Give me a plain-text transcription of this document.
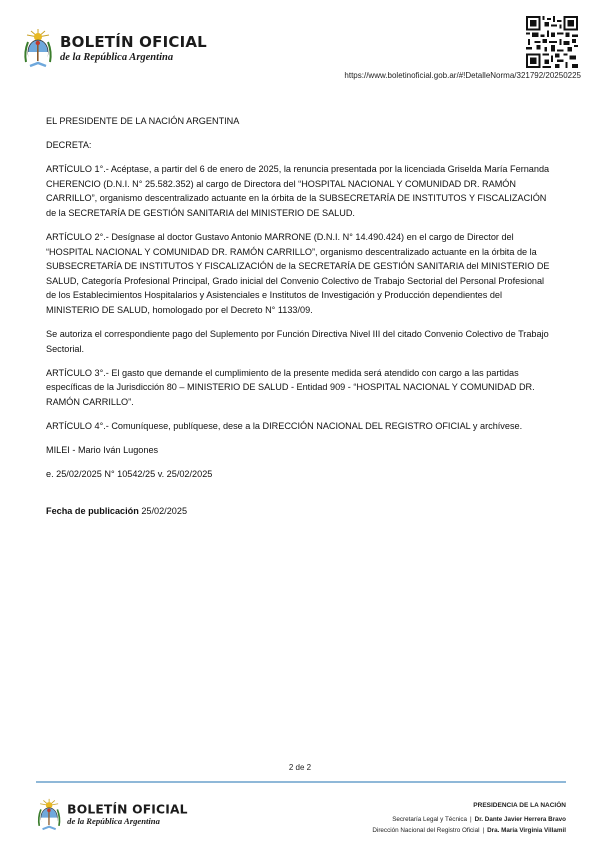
BOLETÍN OFICIAL
de la República Argentina
https://www.boletinoficial.gob.ar/#!DetalleNorma/321792/20250225

EL PRESIDENTE DE LA NACIÓN ARGENTINA

DECRETA:

ARTÍCULO 1°.- Acéptase, a partir del 6 de enero de 2025, la renuncia presentada por la licenciada Griselda María Fernanda CHERENCIO (D.N.I. N° 25.582.352) al cargo de Directora del “HOSPITAL NACIONAL Y COMUNIDAD DR. RAMÓN CARRILLO”, organismo descentralizado actuante en la órbita de la SUBSECRETARÍA DE INSTITUTOS Y FISCALIZACIÓN de la SECRETARÍA DE GESTIÓN SANITARIA del MINISTERIO DE SALUD.

ARTÍCULO 2°.- Desígnase al doctor Gustavo Antonio MARRONE (D.N.I. N° 14.490.424) en el cargo de Director del “HOSPITAL NACIONAL Y COMUNIDAD DR. RAMÓN CARRILLO”, organismo descentralizado actuante en la órbita de la SUBSECRETARÍA DE INSTITUTOS Y FISCALIZACIÓN de la SECRETARÍA DE GESTIÓN SANITARIA del MINISTERIO DE SALUD, Categoría Profesional Principal, Grado inicial del Convenio Colectivo de Trabajo Sectorial del Personal Profesional de los Establecimientos Hospitalarios y Asistenciales e Institutos de Investigación y Producción dependientes del MINISTERIO DE SALUD, homologado por el Decreto N° 1133/09.

Se autoriza el correspondiente pago del Suplemento por Función Directiva Nivel III del citado Convenio Colectivo de Trabajo Sectorial.

ARTÍCULO 3°.- El gasto que demande el cumplimiento de la presente medida será atendido con cargo a las partidas específicas de la Jurisdicción 80 – MINISTERIO DE SALUD - Entidad 909 - “HOSPITAL NACIONAL Y COMUNIDAD DR. RAMÓN CARRILLO”.

ARTÍCULO 4°.- Comuníquese, publíquese, dese a la DIRECCIÓN NACIONAL DEL REGISTRO OFICIAL y archívese.

MILEI - Mario Iván Lugones

e. 25/02/2025 N° 10542/25 v. 25/02/2025

Fecha de publicación 25/02/2025

2 de 2
BOLETÍN OFICIAL
de la República Argentina
PRESIDENCIA DE LA NACIÓN
Secretaría Legal y Técnica | Dr. Dante Javier Herrera Bravo
Dirección Nacional del Registro Oficial | Dra. María Virginia Villamil
